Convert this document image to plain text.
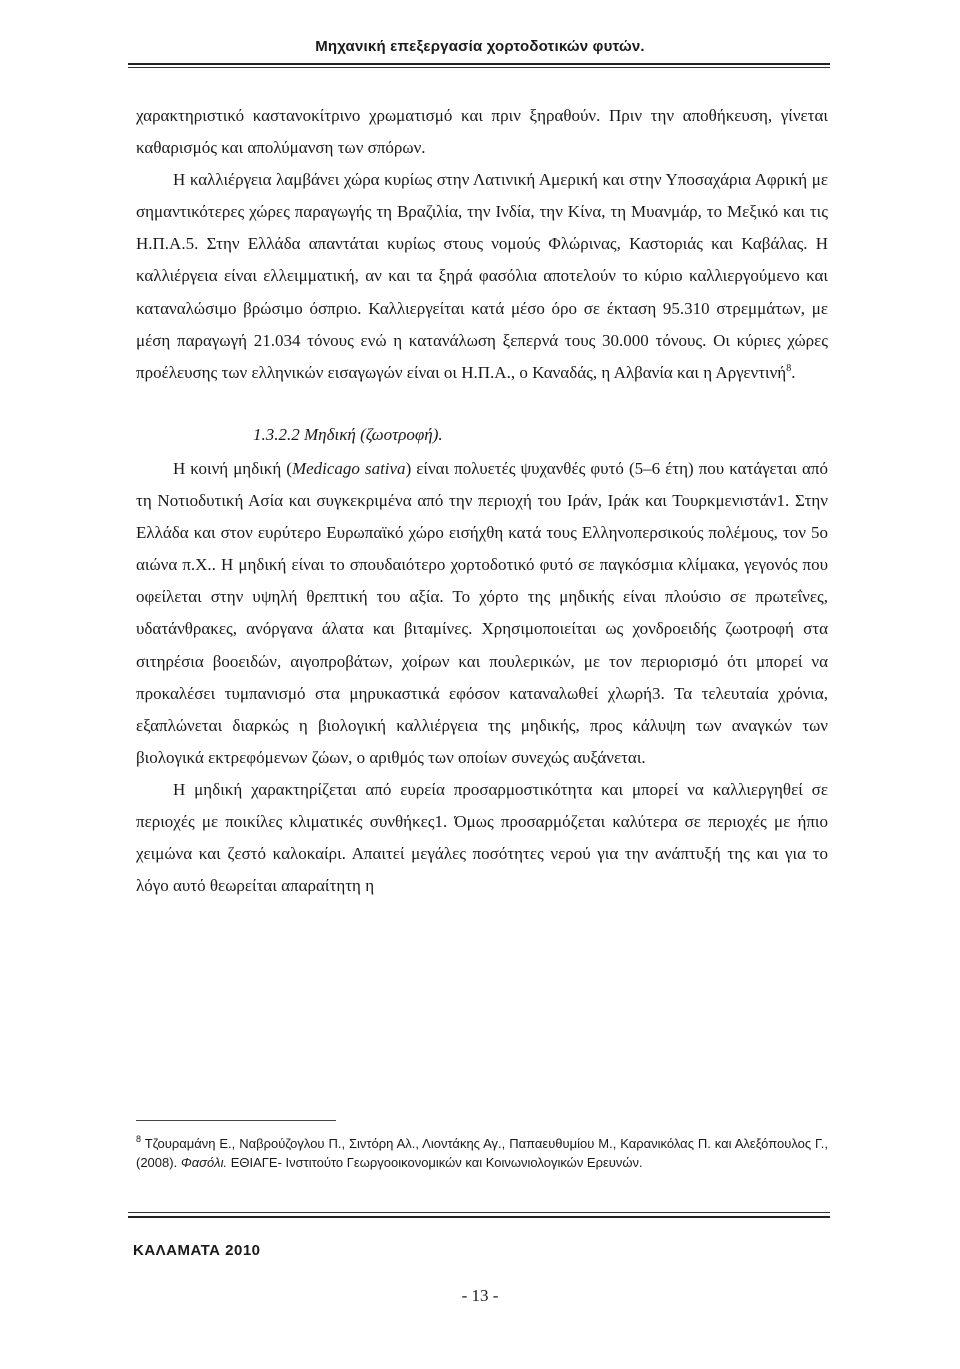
Μηχανική επεξεργασία χορτοδοτικών φυτών.

χαρακτηριστικό καστανοκίτρινο χρωματισμό και πριν ξηραθούν. Πριν την αποθήκευση, γίνεται καθαρισμός και απολύμανση των σπόρων.

Η καλλιέργεια λαμβάνει χώρα κυρίως στην Λατινική Αμερική και στην Υποσαχάρια Αφρική με σημαντικότερες χώρες παραγωγής τη Βραζιλία, την Ινδία, την Κίνα, τη Μυανμάρ, το Μεξικό και τις Η.Π.Α.5. Στην Ελλάδα απαντάται κυρίως στους νομούς Φλώρινας, Καστοριάς και Καβάλας. Η καλλιέργεια είναι ελλειμματική, αν και τα ξηρά φασόλια αποτελούν το κύριο καλλιεργούμενο και καταναλώσιμο βρώσιμο όσπριο. Καλλιεργείται κατά μέσο όρο σε έκταση 95.310 στρεμμάτων, με μέση παραγωγή 21.034 τόνους ενώ η κατανάλωση ξεπερνά τους 30.000 τόνους. Οι κύριες χώρες προέλευσης των ελληνικών εισαγωγών είναι οι Η.Π.Α., ο Καναδάς, η Αλβανία και η Αργεντινή$^8$.

1.3.2.2 Μηδική (ζωοτροφή).

Η κοινή μηδική (Medicago sativa) είναι πολυετές ψυχανθές φυτό (5–6 έτη) που κατάγεται από τη Νοτιοδυτική Ασία και συγκεκριμένα από την περιοχή του Ιράν, Ιράκ και Τουρκμενιστάν1. Στην Ελλάδα και στον ευρύτερο Ευρωπαϊκό χώρο εισήχθη κατά τους Ελληνοπερσικούς πολέμους, τον 5ο αιώνα π.Χ.. Η μηδική είναι το σπουδαιότερο χορτοδοτικό φυτό σε παγκόσμια κλίμακα, γεγονός που οφείλεται στην υψηλή θρεπτική του αξία. Το χόρτο της μηδικής είναι πλούσιο σε πρωτεΐνες, υδατάνθρακες, ανόργανα άλατα και βιταμίνες. Χρησιμοποιείται ως χονδροειδής ζωοτροφή στα σιτηρέσια βοοειδών, αιγοπροβάτων, χοίρων και πουλερικών, με τον περιορισμό ότι μπορεί να προκαλέσει τυμπανισμό στα μηρυκαστικά εφόσον καταναλωθεί χλωρή3. Τα τελευταία χρόνια, εξαπλώνεται διαρκώς η βιολογική καλλιέργεια της μηδικής, προς κάλυψη των αναγκών των βιολογικά εκτρεφόμενων ζώων, ο αριθμός των οποίων συνεχώς αυξάνεται.

Η μηδική χαρακτηρίζεται από ευρεία προσαρμοστικότητα και μπορεί να καλλιεργηθεί σε περιοχές με ποικίλες κλιματικές συνθήκες1. Όμως προσαρμόζεται καλύτερα σε περιοχές με ήπιο χειμώνα και ζεστό καλοκαίρι. Απαιτεί μεγάλες ποσότητες νερού για την ανάπτυξή της και για το λόγο αυτό θεωρείται απαραίτητη η

$^8$ Τζουραμάνη Ε., Ναβρούζογλου Π., Σιντόρη Αλ., Λιοντάκης Αγ., Παπαευθυμίου Μ., Καρανικόλας Π. και Αλεξόπουλος Γ., (2008). Φασόλι. ΕΘΙΑΓΕ- Ινστιτούτο Γεωργοοικονομικών και Κοινωνιολογικών Ερευνών.
ΚΑΛΑΜΑΤΑ 2010
- 13 -
